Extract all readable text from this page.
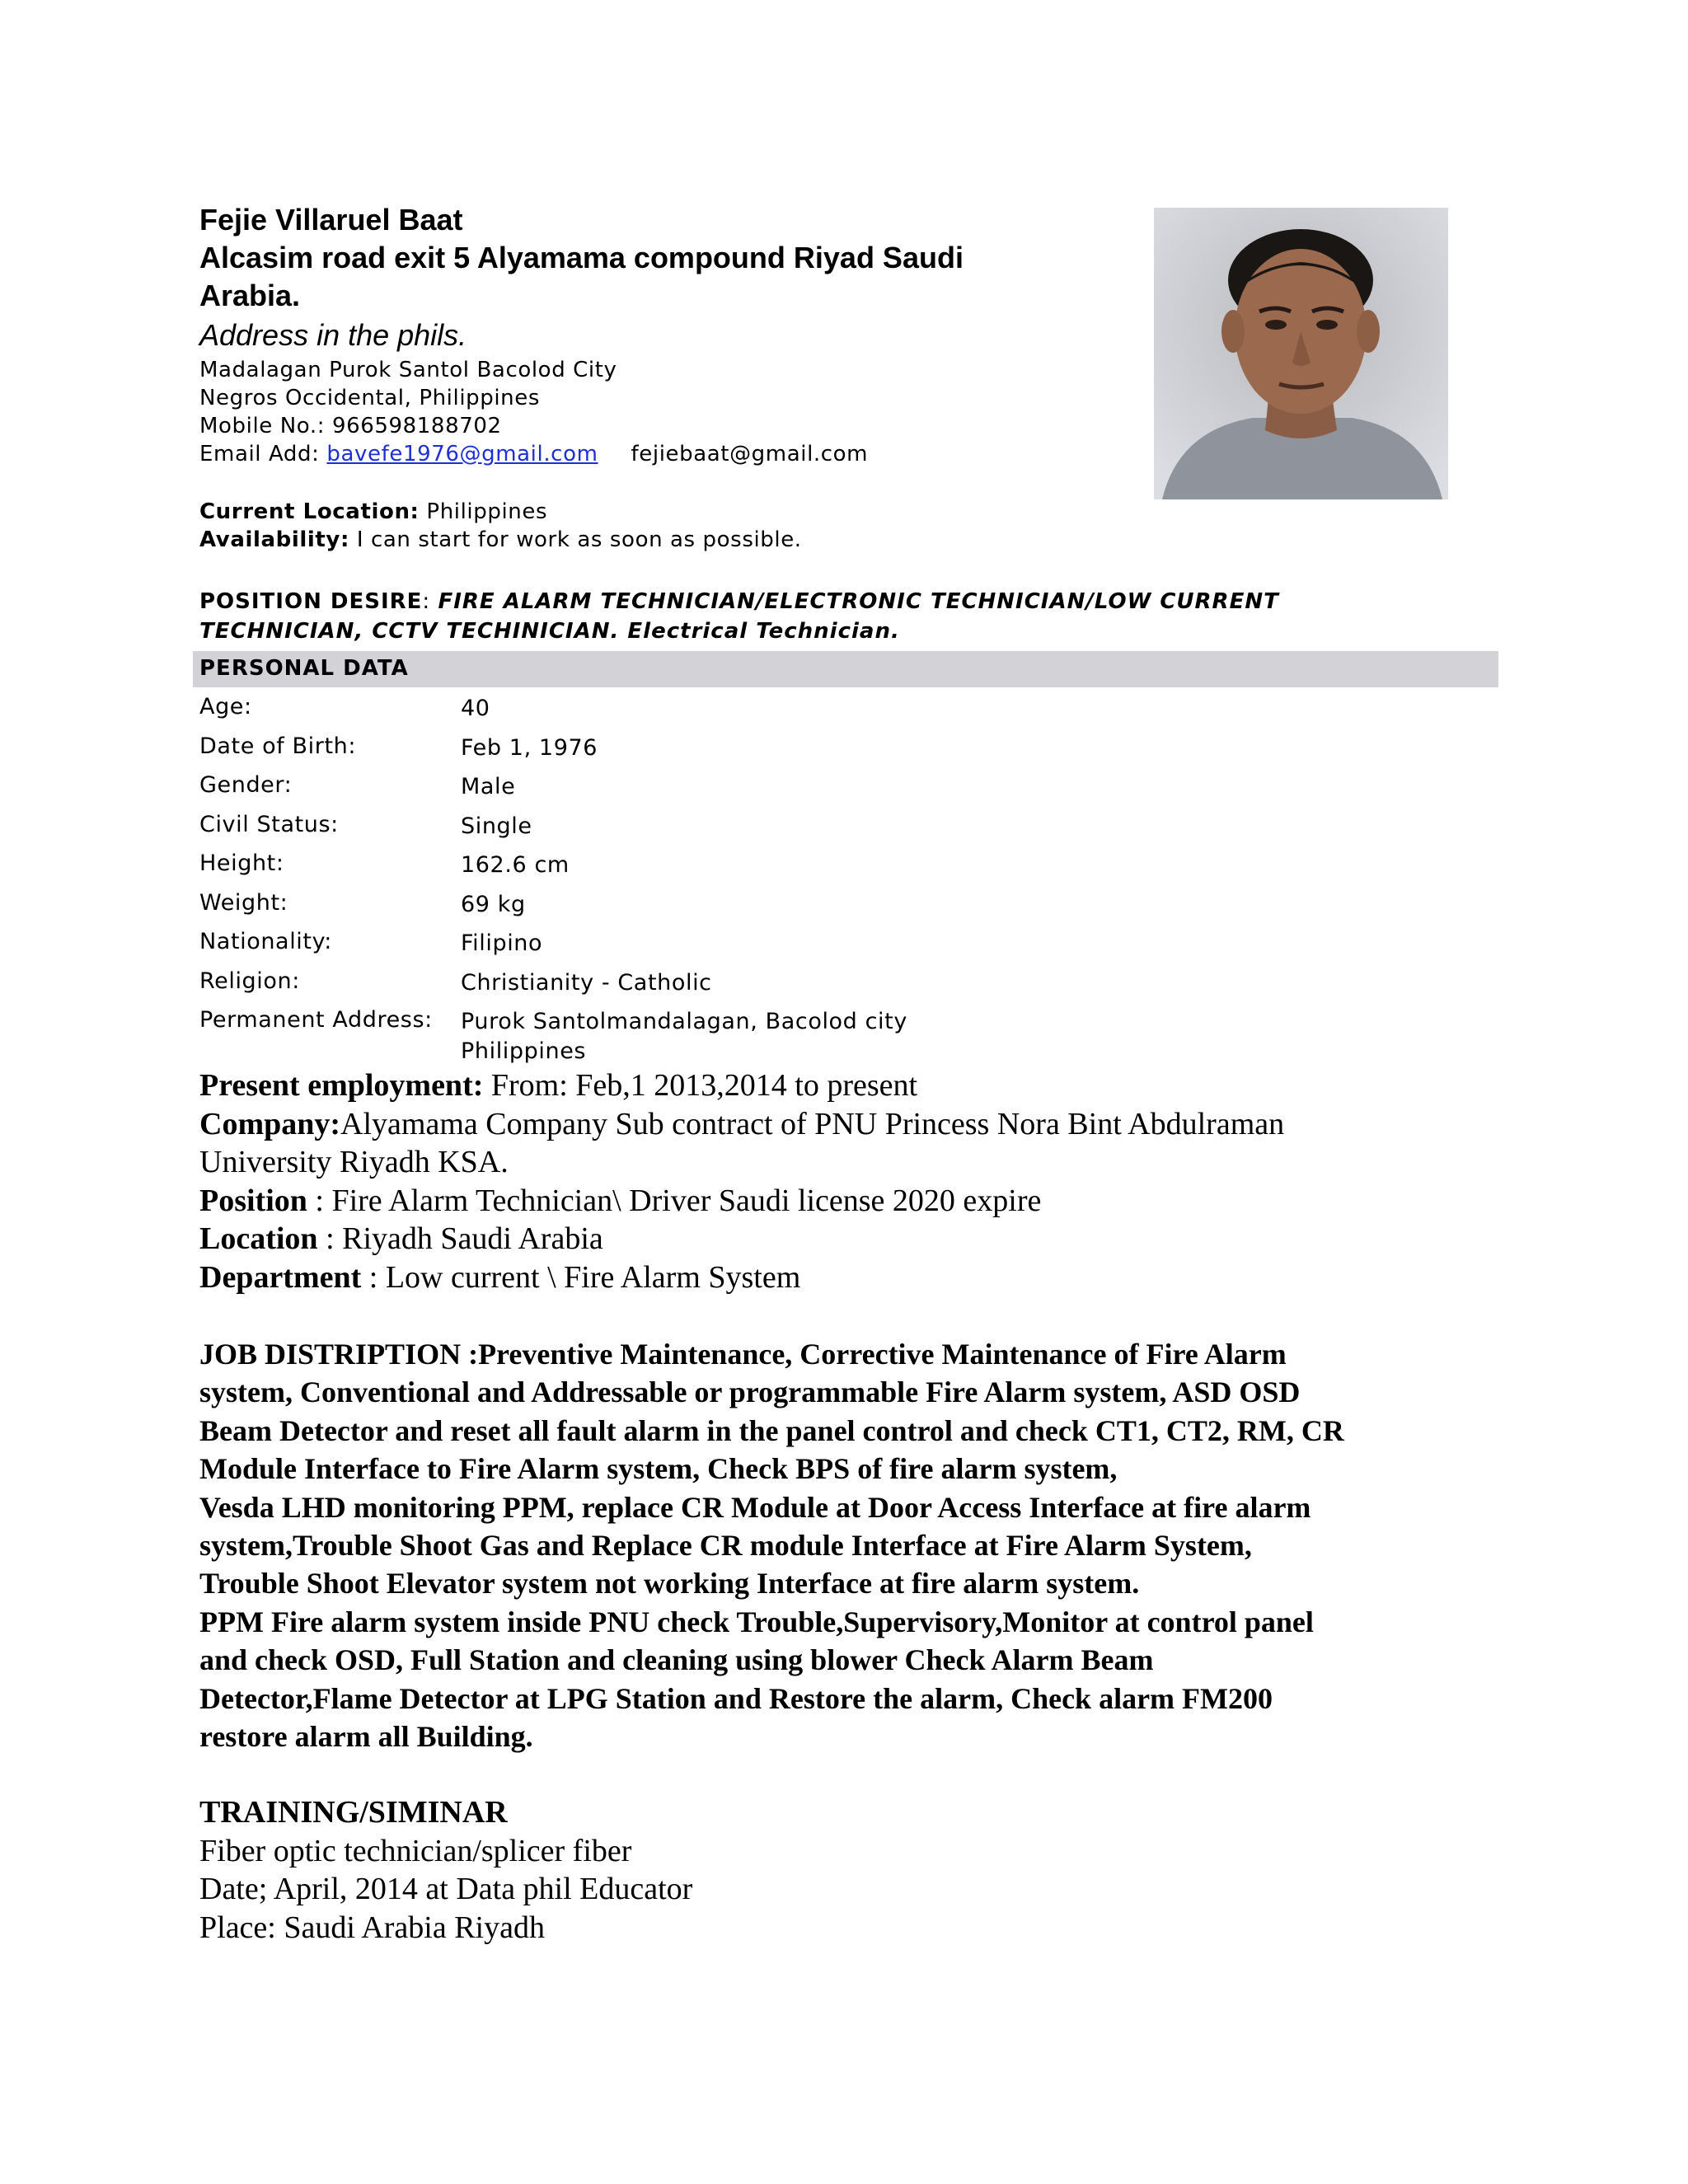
Fejie Villaruel Baat
Alcasim road exit 5 Alyamama compound Riyad Saudi
Arabia.
Address in the phils.
Madalagan Purok Santol Bacolod City
Negros Occidental, Philippines
Mobile No.: 966598188702
Email Add: bavefe1976@gmail.com fejiebaat@gmail.com
Current Location: Philippines
Availability: I can start for work as soon as possible.
POSITION DESIRE: FIRE ALARM TECHNICIAN/ELECTRONIC TECHNICIAN/LOW CURRENT
TECHNICIAN, CCTV TECHINICIAN. Electrical Technician.
PERSONAL DATA
Age:	40
Date of Birth:	Feb 1, 1976
Gender:	Male
Civil Status:	Single
Height:	162.6 cm
Weight:	69 kg
Nationality:	Filipino
Religion:	Christianity - Catholic
Permanent Address: Purok Santolmandalagan, Bacolod city
Philippines
Present employment: From: Feb,1 2013,2014 to present
Company:Alyamama Company Sub contract of PNU Princess Nora Bint Abdulraman
University Riyadh KSA.
Position : Fire Alarm Technician\ Driver Saudi license 2020 expire
Location : Riyadh Saudi Arabia
Department : Low current \ Fire Alarm System
JOB DISTRIPTION :Preventive Maintenance, Corrective Maintenance of Fire Alarm
system, Conventional and Addressable or programmable Fire Alarm system, ASD OSD
Beam Detector and reset all fault alarm in the panel control and check CT1, CT2, RM, CR
Module Interface to Fire Alarm system, Check BPS of fire alarm system,
Vesda LHD monitoring PPM, replace CR Module at Door Access Interface at fire alarm
system,Trouble Shoot Gas and Replace CR module Interface at Fire Alarm System,
Trouble Shoot Elevator system not working Interface at fire alarm system.
PPM Fire alarm system inside PNU check Trouble,Supervisory,Monitor at control panel
and check OSD, Full Station and cleaning using blower Check Alarm Beam
Detector,Flame Detector at LPG Station and Restore the alarm, Check alarm FM200
restore alarm all Building.
TRAINING/SIMINAR
Fiber optic technician/splicer fiber
Date; April, 2014 at Data phil Educator
Place: Saudi Arabia Riyadh
